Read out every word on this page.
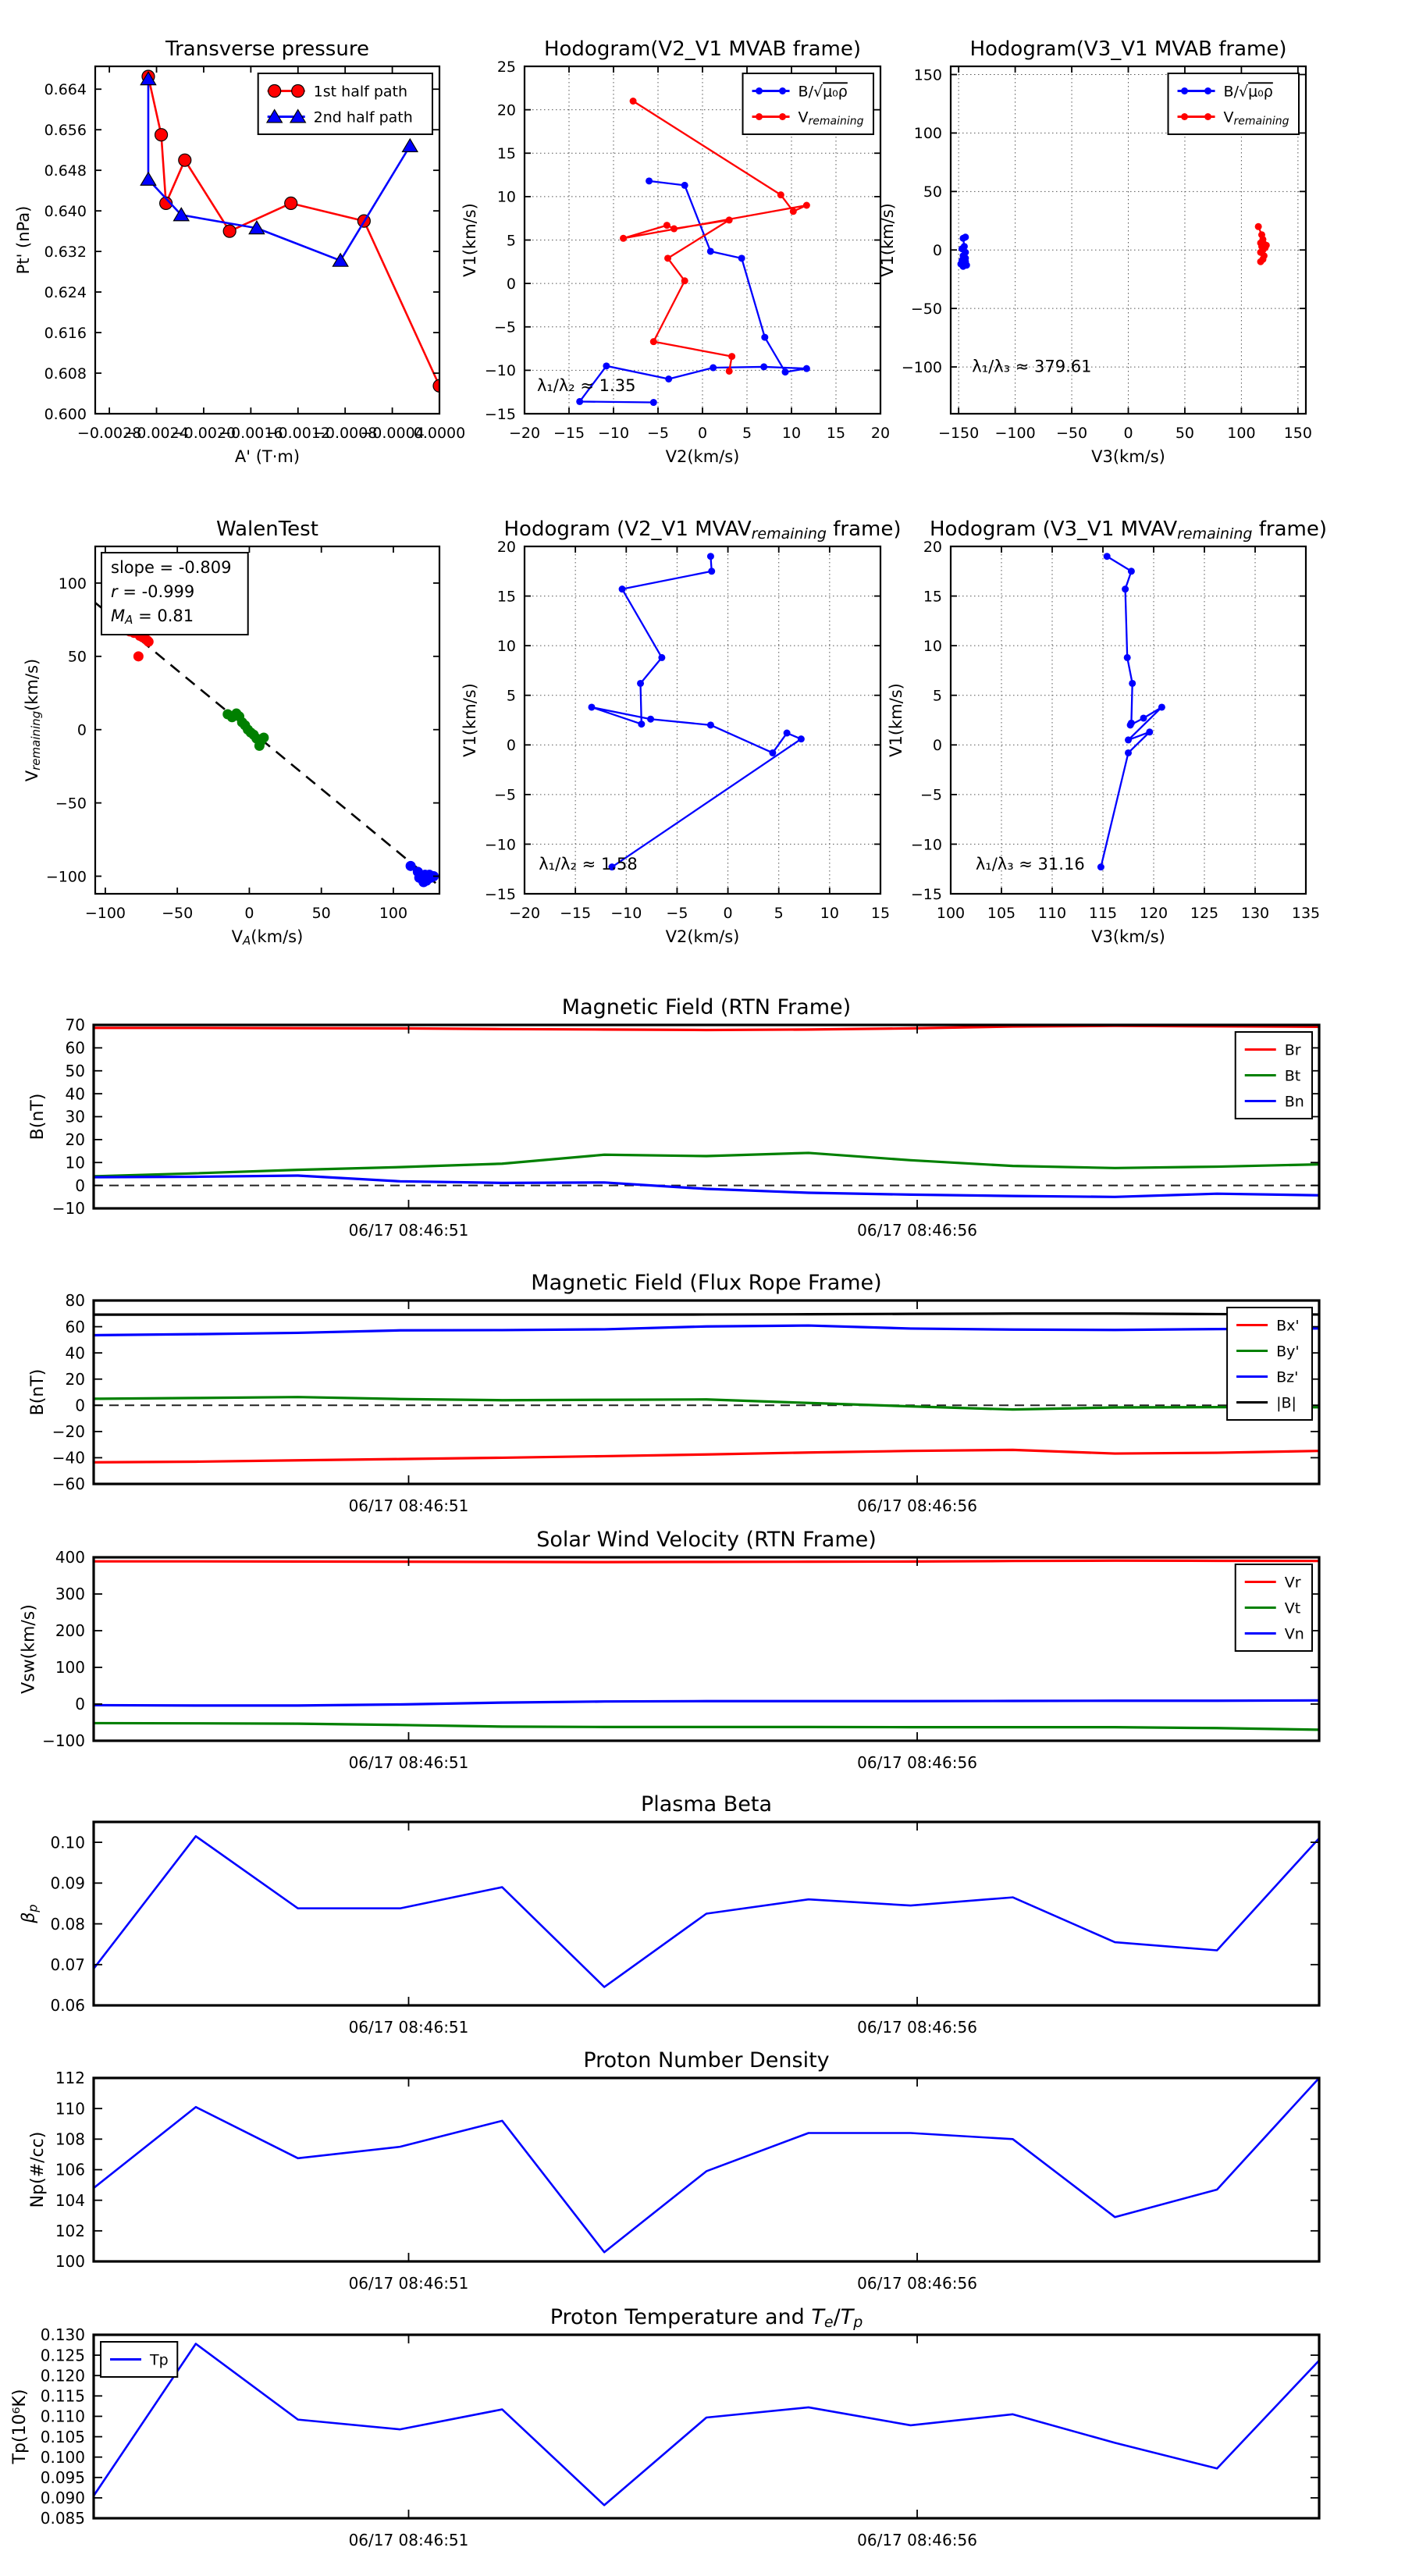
−0.0028
−0.0024
−0.0020
−0.0016
−0.0012
−0.0008
−0.0004
0.0000
0.600
0.608
0.616
0.624
0.632
0.640
0.648
0.656
0.664
Transverse pressure
A' (T·m)
Pt' (nPa)
1st half path
2nd half path
−20 −15 −10 −5 0 5 10 15 20
−15
−10
−5
0
5
10
15
20
25
Hodogram(V2_V1 MVAB frame)
V2(km/s)
V1(km/s)
B/√μ₀ρ
Vremaining
λ₁/λ₂ ≈ 1.35
−150 −100 −50 0	50 100 150
−100
−50
0
50
100
150
Hodogram(V3_V1 MVAB frame)
V3(km/s)
V1(km/s)
B/√μ₀ρ
Vremaining
λ₁/λ₃ ≈ 379.61
−100 −50	0	50	100
−100
−50
0
50
100
WalenTest
VA(km/s)
Vremaining(km/s)
slope = -0.809
r = -0.999
MA = 0.81
−20 −15 −10 −5 0	5 10 15
−15
−10
−5
0
5
10
15
20
Hodogram (V2_V1 MVAVremaining frame)
V2(km/s)
V1(km/s)
λ₁/λ₂ ≈ 1.58
100 105 110 115 120 125 130 135
−15
−10
−5
0
5
10
15
20
Hodogram (V3_V1 MVAVremaining frame)
V3(km/s)
V1(km/s)
λ₁/λ₃ ≈ 31.16
06/17 08:46:51	06/17 08:46:56
−10
0
10
20
30
40
50
60
70
Magnetic Field (RTN Frame)
B(nT)
Br
Bt
Bn
06/17 08:46:51	06/17 08:46:56
−60
−40
−20
0
20
40
60
80
Magnetic Field (Flux Rope Frame)
B(nT)
Bx'
By'
Bz'
|B|
06/17 08:46:51	06/17 08:46:56
−100
0
100
200
300
400
Solar Wind Velocity (RTN Frame)
Vsw(km/s)
Vr
Vt
Vn
06/17 08:46:51	06/17 08:46:56
0.06
0.07
0.08
0.09
0.10
Plasma Beta
βp
06/17 08:46:51	06/17 08:46:56
100
102
104
106
108
110
112
Proton Number Density
Np(#/cc)
06/17 08:46:51	06/17 08:46:56
0.085
0.090
0.095
0.100
0.105
0.110
0.115
0.120
0.125
0.130
Proton Temperature and Te/Tp
Tp(10⁶K)
Tp
